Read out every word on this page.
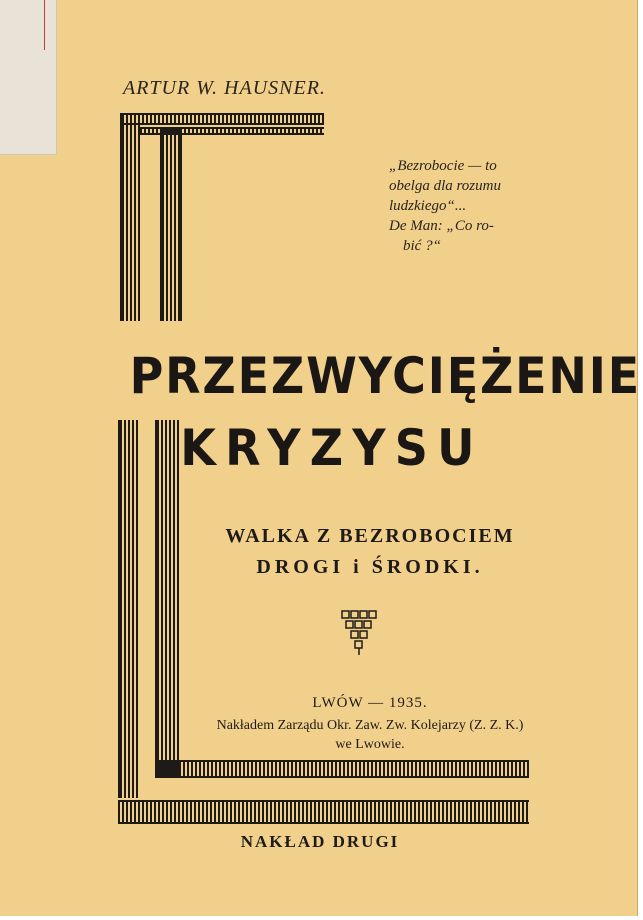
ARTUR W. HAUSNER.
„Bezrobocie — to
obelga dla rozumu
ludzkiego“...
De Man: „Co ro-
bić ?“
PRZEZWYCIĘŻENIE
KRYZYSU
WALKA Z BEZROBOCIEM
DROGI i ŚRODKI.
LWÓW — 1935.
Nakładem Zarządu Okr. Zaw. Zw. Kolejarzy (Z. Z. K.)
we Lwowie.
NAKŁAD DRUGI
